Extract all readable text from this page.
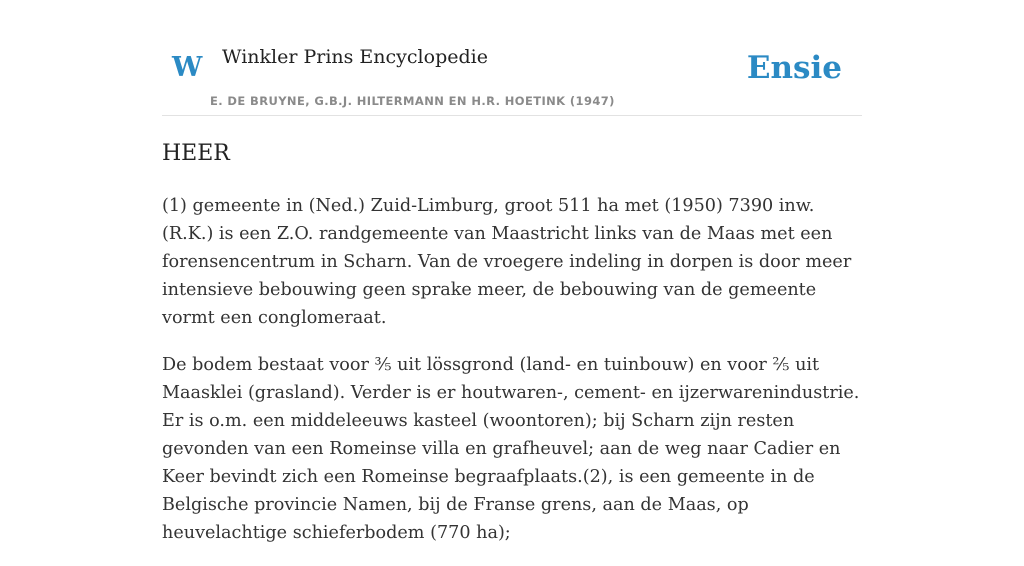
W Winkler Prins Encyclopedie	Ensie
E. DE BRUYNE, G.B.J. HILTERMANN EN H.R. HOETINK (1947)
HEER

(1) gemeente in (Ned.) Zuid-Limburg, groot 511 ha met (1950) 7390 inw. (R.K.) is een Z.O. randgemeente van Maastricht links van de Maas met een forensencentrum in Scharn. Van de vroegere indeling in dorpen is door meer intensieve bebouwing geen sprake meer, de bebouwing van de gemeente vormt een conglomeraat.

De bodem bestaat voor ⅗ uit lössgrond (land- en tuinbouw) en voor ⅖ uit Maasklei (grasland). Verder is er houtwaren-, cement- en ijzerwarenindustrie. Er is o.m. een middeleeuws kasteel (woontoren); bij Scharn zijn resten gevonden van een Romeinse villa en grafheuvel; aan de weg naar Cadier en Keer bevindt zich een Romeinse begraafplaats.(2), is een gemeente in de Belgische provincie Namen, bij de Franse grens, aan de Maas, op heuvelachtige schieferbodem (770 ha);
